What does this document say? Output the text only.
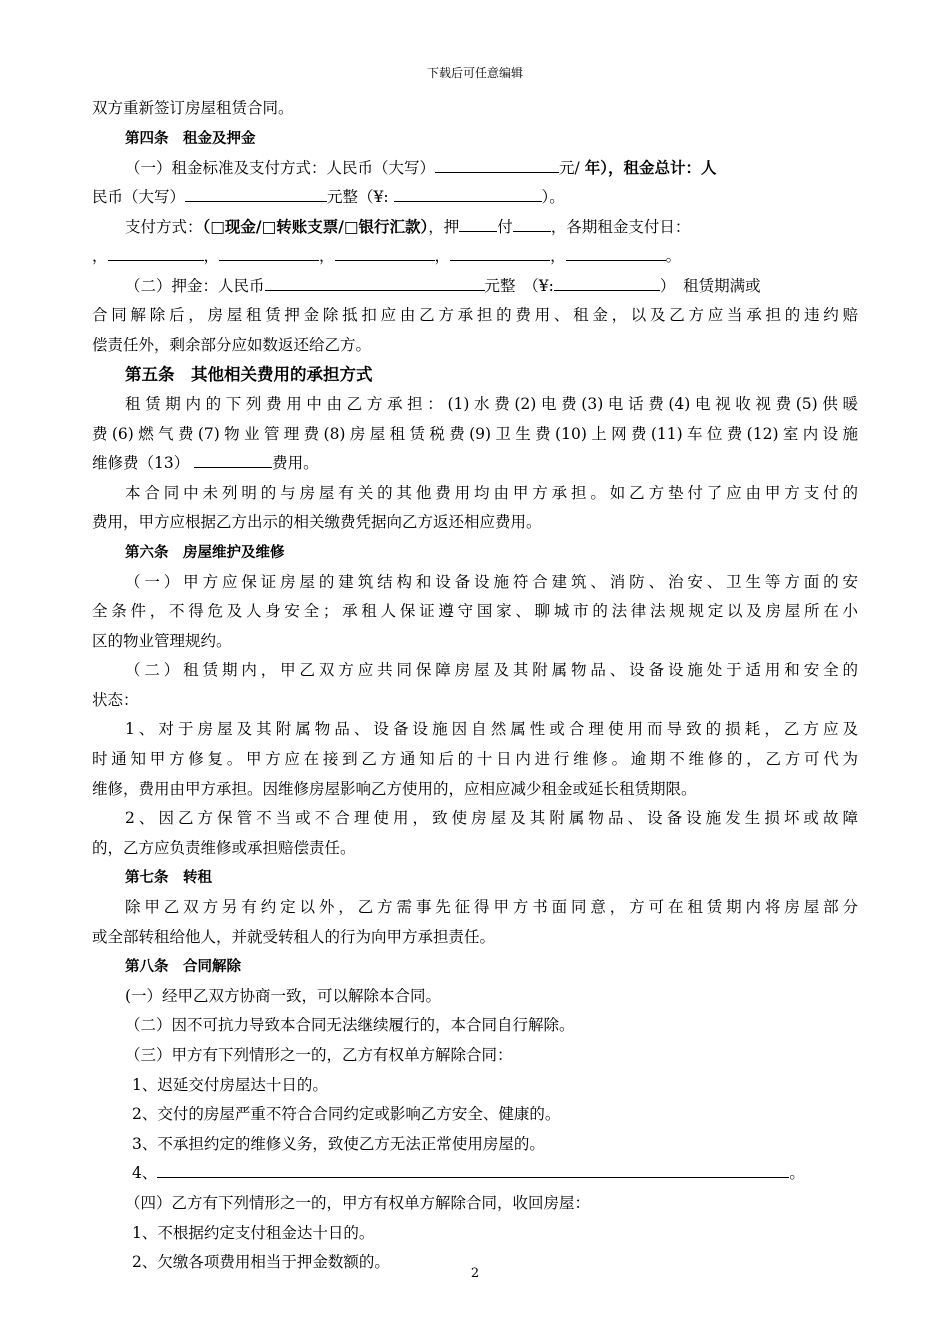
下载后可任意编辑
双方重新签订房屋租赁合同。
第四条　租金及押金
（一）租金标准及支付方式：人民币（大写）	元/ 年），租金总计：人
民币（大写）	元整（¥:	）。
支付方式：（□现金/□转账支票/□银行汇款），押 付 ，各期租金支付日：
，	，	，	，	，	。
（二）押金：人民币	元整　（¥:	）　租赁期满或
合同解除后，房屋租赁押金除抵扣应由乙方承担的费用、租金，以及乙方应当承担的违约赔
偿责任外，剩余部分应如数返还给乙方。
第五条　其他相关费用的承担方式
租赁期内的下列费用中由乙方承担：(1)水费(2)电费(3)电话费(4)电视收视费(5)供暖
费(6)燃气费(7)物业管理费(8)房屋租赁税费(9)卫生费(10)上网费(11)车位费(12)室内设施
维修费（13）	费用。
本合同中未列明的与房屋有关的其他费用均由甲方承担。如乙方垫付了应由甲方支付的
费用，甲方应根据乙方出示的相关缴费凭据向乙方返还相应费用。
第六条　房屋维护及维修
（一）甲方应保证房屋的建筑结构和设备设施符合建筑、消防、治安、卫生等方面的安
全条件，不得危及人身安全；承租人保证遵守国家、聊城市的法律法规规定以及房屋所在小
区的物业管理规约。
（二）租赁期内，甲乙双方应共同保障房屋及其附属物品、设备设施处于适用和安全的
状态：
1、对于房屋及其附属物品、设备设施因自然属性或合理使用而导致的损耗，乙方应及
时通知甲方修复。甲方应在接到乙方通知后的十日内进行维修。逾期不维修的，乙方可代为
维修，费用由甲方承担。因维修房屋影响乙方使用的，应相应减少租金或延长租赁期限。
2、因乙方保管不当或不合理使用，致使房屋及其附属物品、设备设施发生损坏或故障
的，乙方应负责维修或承担赔偿责任。
第七条　转租
除甲乙双方另有约定以外，乙方需事先征得甲方书面同意，方可在租赁期内将房屋部分
或全部转租给他人，并就受转租人的行为向甲方承担责任。
第八条　合同解除
(一）经甲乙双方协商一致，可以解除本合同。
（二）因不可抗力导致本合同无法继续履行的，本合同自行解除。
（三）甲方有下列情形之一的，乙方有权单方解除合同：
1、迟延交付房屋达十日的。
2、交付的房屋严重不符合合同约定或影响乙方安全、健康的。
3、不承担约定的维修义务，致使乙方无法正常使用房屋的。
4、	。
（四）乙方有下列情形之一的，甲方有权单方解除合同，收回房屋：
1、不根据约定支付租金达十日的。
2、欠缴各项费用相当于押金数额的。
2
